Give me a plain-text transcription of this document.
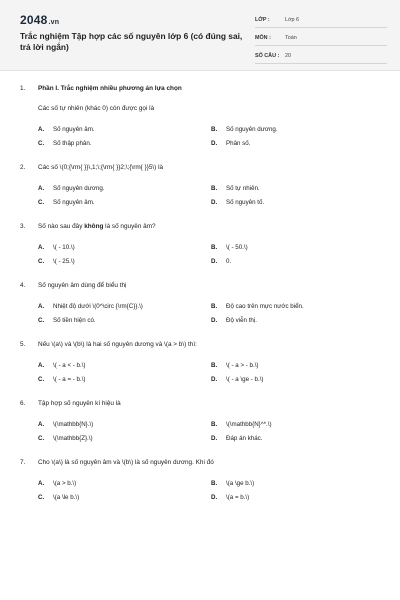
2048.vn
Trắc nghiệm Tập hợp các số nguyên lớp 6 (có đúng sai, trả lời ngắn)
LỚP :	Lớp 6
MÔN :	Toán
SỐ CÂU :	20
1.	Phần I. Trắc nghiệm nhiều phương án lựa chọn
Các số tự nhiên (khác 0) còn được gọi là
A.	Số nguyên âm.	B.	Số nguyên dương.
C.	Số thập phân.	D.	Phân số.
2.	Các số \(0;{\rm{ }}\,1;\;{\rm{ }}2;\;{\rm{ }}5\) là
A.	Số nguyên dương.	B.	Số tự nhiên.
C.	Số nguyên âm.	D.	Số nguyên tố.
3.	Số nào sau đây không là số nguyên âm?
A.	\( - 10.\)	B.	\( - 50.\)
C.	\( - 25.\)	D.	0.
4.	Số nguyên âm dùng để biểu thị
A.	Nhiệt độ dưới \(0^\circ {\rm{C}}.\)	B.	Độ cao trên mực nước biển.
C.	Số tiền hiện có.	D.	Độ viễn thị.
5.	Nếu \(a\) và \(b\) là hai số nguyên dương và \(a > b\) thì:
A.	\( - a < - b.\)	B.	\( - a > - b.\)
C.	\( - a = - b.\)	D.	\( - a \ge - b.\)
6.	Tập hợp số nguyên kí hiệu là
A.	\(\mathbb{N}.\)	B.	\(\mathbb{N}^*.\)
C.	\(\mathbb{Z}.\)	D.	Đáp án khác.
7.	Cho \(a\) là số nguyên âm và \(b\) là số nguyên dương. Khi đó
A.	\(a > b.\)	B.	\(a \ge b.\)
C.	\(a \le b.\)	D.	\(a = b.\)
